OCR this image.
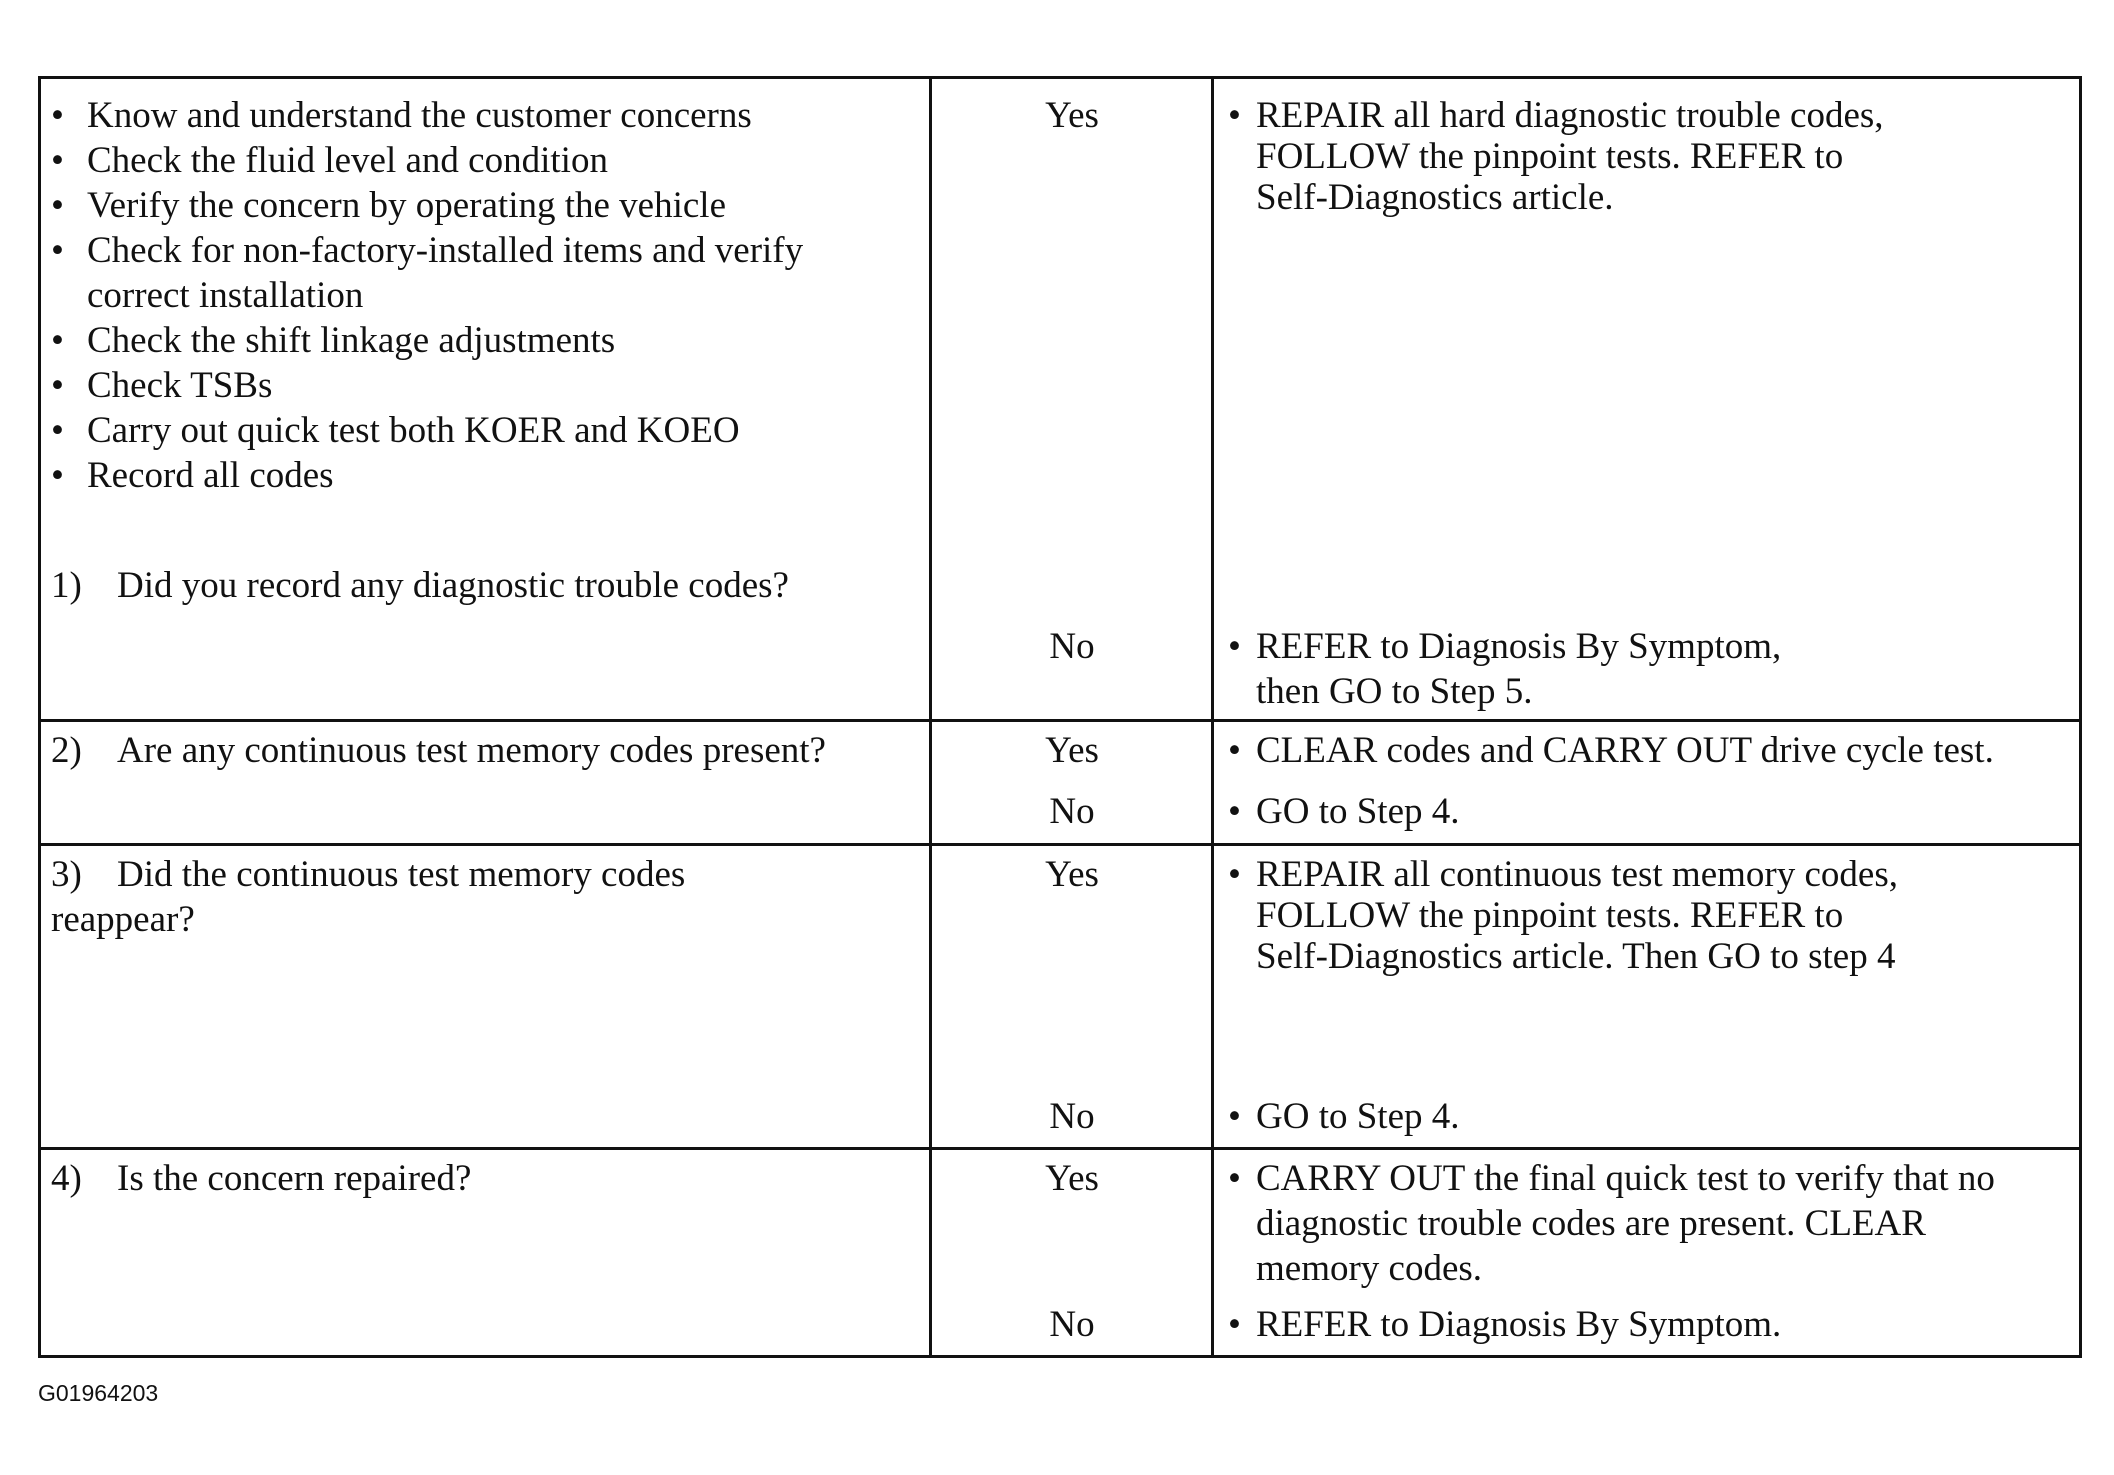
• Know and understand the customer concerns
• Check the fluid level and condition
• Verify the concern by operating the vehicle
• Check for non-factory-installed items and verify
correct installation
• Check the shift linkage adjustments
• Check TSBs
• Carry out quick test both KOER and KOEO
• Record all codes
1) Did you record any diagnostic trouble codes?
Yes	• REPAIR all hard diagnostic trouble codes,
FOLLOW the pinpoint tests. REFER to
Self-Diagnostics article.
No	• REFER to Diagnosis By Symptom,
then GO to Step 5.
2) Are any continuous test memory codes present?	Yes	• CLEAR codes and CARRY OUT drive cycle test.
No	• GO to Step 4.
3) Did the continuous test memory codes
reappear?
Yes	• REPAIR all continuous test memory codes,
FOLLOW the pinpoint tests. REFER to
Self-Diagnostics article. Then GO to step 4
No	• GO to Step 4.
4) Is the concern repaired?	Yes	• CARRY OUT the final quick test to verify that no
diagnostic trouble codes are present. CLEAR
memory codes.
No	• REFER to Diagnosis By Symptom.
G01964203
